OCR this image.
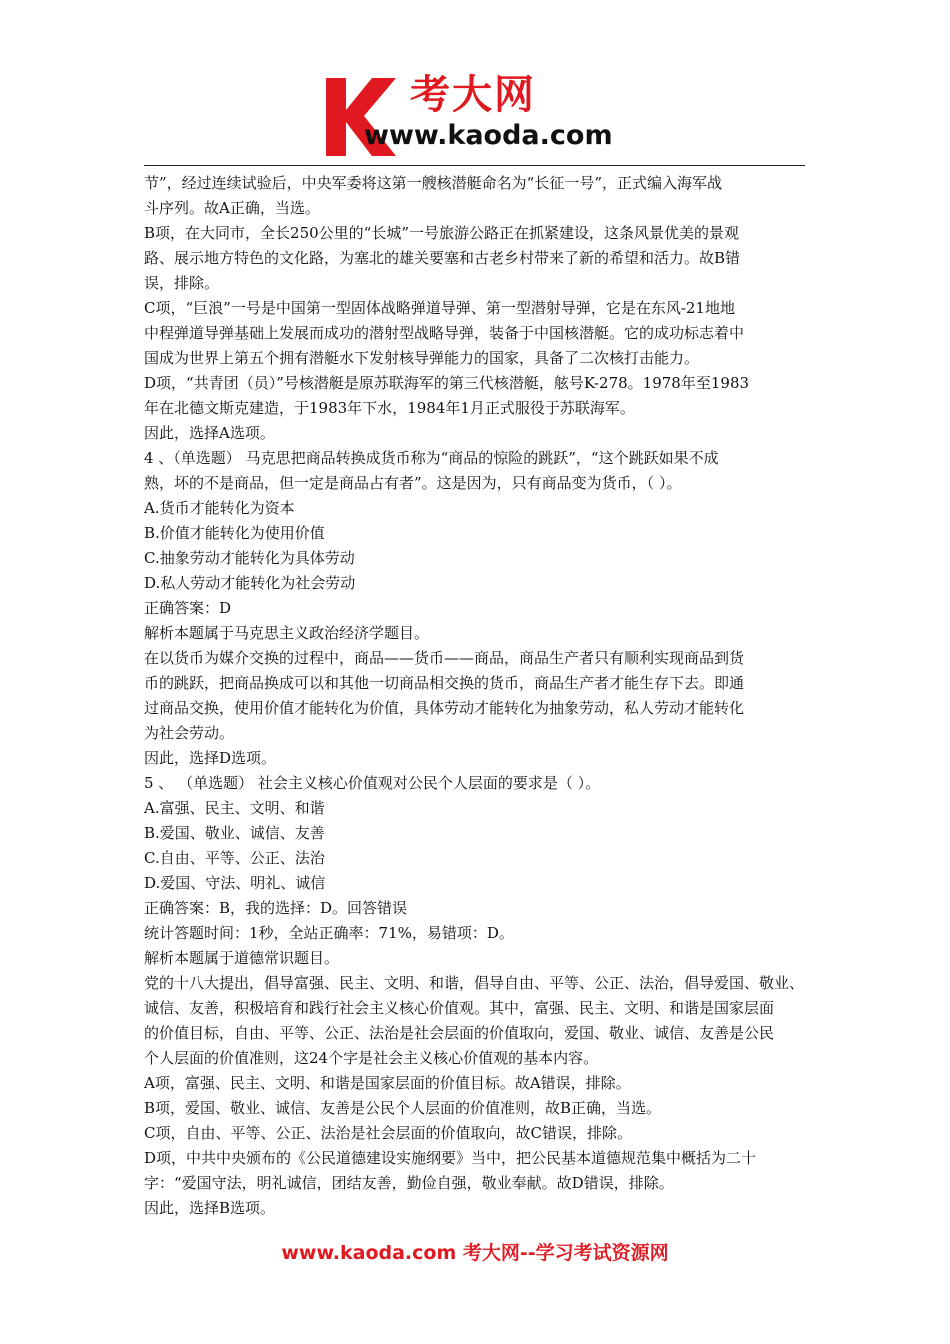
考大网
www.kaoda.com
节”，经过连续试验后，中央军委将这第一艘核潜艇命名为“长征一号”，正式编入海军战
斗序列。故A正确，当选。
B项，在大同市，全长250公里的“长城”一号旅游公路正在抓紧建设，这条风景优美的景观
路、展示地方特色的文化路，为塞北的雄关要塞和古老乡村带来了新的希望和活力。故B错
误，排除。
C项，“巨浪”一号是中国第一型固体战略弹道导弹、第一型潜射导弹，它是在东风-21地地
中程弹道导弹基础上发展而成功的潜射型战略导弹，装备于中国核潜艇。它的成功标志着中
国成为世界上第五个拥有潜艇水下发射核导弹能力的国家，具备了二次核打击能力。
D项，“共青团（员）”号核潜艇是原苏联海军的第三代核潜艇，舷号K-278。1978年至1983
年在北德文斯克建造，于1983年下水，1984年1月正式服役于苏联海军。
因此，选择A选项。
4 、（单选题） 马克思把商品转换成货币称为“商品的惊险的跳跃”，“这个跳跃如果不成
熟，坏的不是商品，但一定是商品占有者”。这是因为，只有商品变为货币，（ ）。
A.货币才能转化为资本
B.价值才能转化为使用价值
C.抽象劳动才能转化为具体劳动
D.私人劳动才能转化为社会劳动
正确答案：D
解析本题属于马克思主义政治经济学题目。
在以货币为媒介交换的过程中，商品——货币——商品，商品生产者只有顺利实现商品到货
币的跳跃，把商品换成可以和其他一切商品相交换的货币，商品生产者才能生存下去。即通
过商品交换，使用价值才能转化为价值，具体劳动才能转化为抽象劳动，私人劳动才能转化
为社会劳动。
因此，选择D选项。
5 、 （单选题） 社会主义核心价值观对公民个人层面的要求是（ ）。
A.富强、民主、文明、和谐
B.爱国、敬业、诚信、友善
C.自由、平等、公正、法治
D.爱国、守法、明礼、诚信
正确答案：B，我的选择：D。回答错误
统计答题时间：1秒，全站正确率：71%，易错项：D。
解析本题属于道德常识题目。
党的十八大提出，倡导富强、民主、文明、和谐，倡导自由、平等、公正、法治，倡导爱国、敬业、
诚信、友善，积极培育和践行社会主义核心价值观。其中，富强、民主、文明、和谐是国家层面
的价值目标，自由、平等、公正、法治是社会层面的价值取向，爱国、敬业、诚信、友善是公民
个人层面的价值准则，这24个字是社会主义核心价值观的基本内容。
A项，富强、民主、文明、和谐是国家层面的价值目标。故A错误，排除。
B项，爱国、敬业、诚信、友善是公民个人层面的价值准则，故B正确，当选。
C项，自由、平等、公正、法治是社会层面的价值取向，故C错误，排除。
D项，中共中央颁布的《公民道德建设实施纲要》当中，把公民基本道德规范集中概括为二十
字：“爱国守法，明礼诚信，团结友善，勤俭自强，敬业奉献。故D错误，排除。
因此，选择B选项。
www.kaoda.com 考大网--学习考试资源网
